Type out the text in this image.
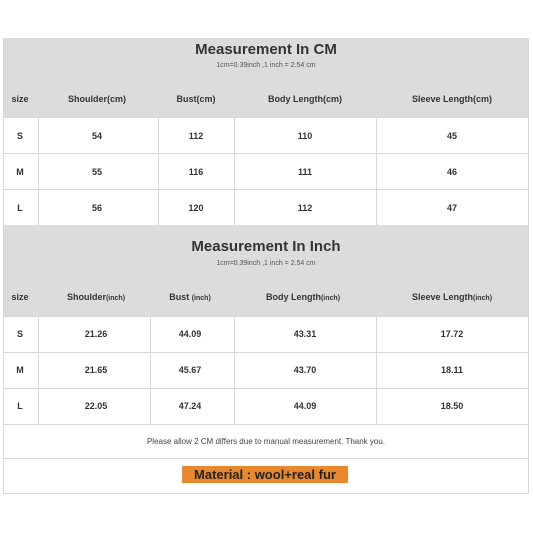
Measurement In CM
1cm=0.39inch ,1 inch = 2.54 cm
size	Shoulder(cm)	Bust(cm)	Body Length(cm)	Sleeve Length(cm)
S	54	112	110	45
M	55	116	111	46
L	56	120	112	47
Measurement In Inch
1cm=0.39inch ,1 inch = 2.54 cm
size	Shoulder(inch)	Bust (inch)	Body Length(inch)	Sleeve Length(inch)
S	21.26	44.09	43.31	17.72
M	21.65	45.67	43.70	18.11
L	22.05	47.24	44.09	18.50
Please allow 2 CM differs due to manual measurement. Thank you.
Material : wool+real fur
